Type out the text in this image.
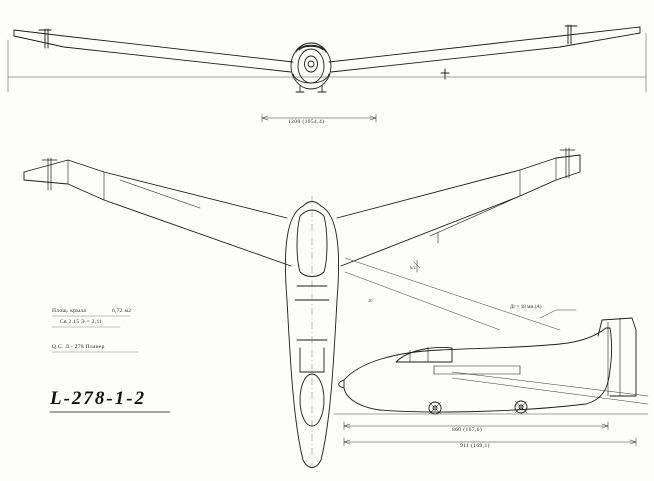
1200 (1054,4)
860 (167,6)
911 (169,1)
Дг = 18 мм (A)
b/2
20
Площ. крыла	6,72 м2
Св 2.15 Э = 2,11
Q.С. Л - 278 Планер
L-278-1-2
